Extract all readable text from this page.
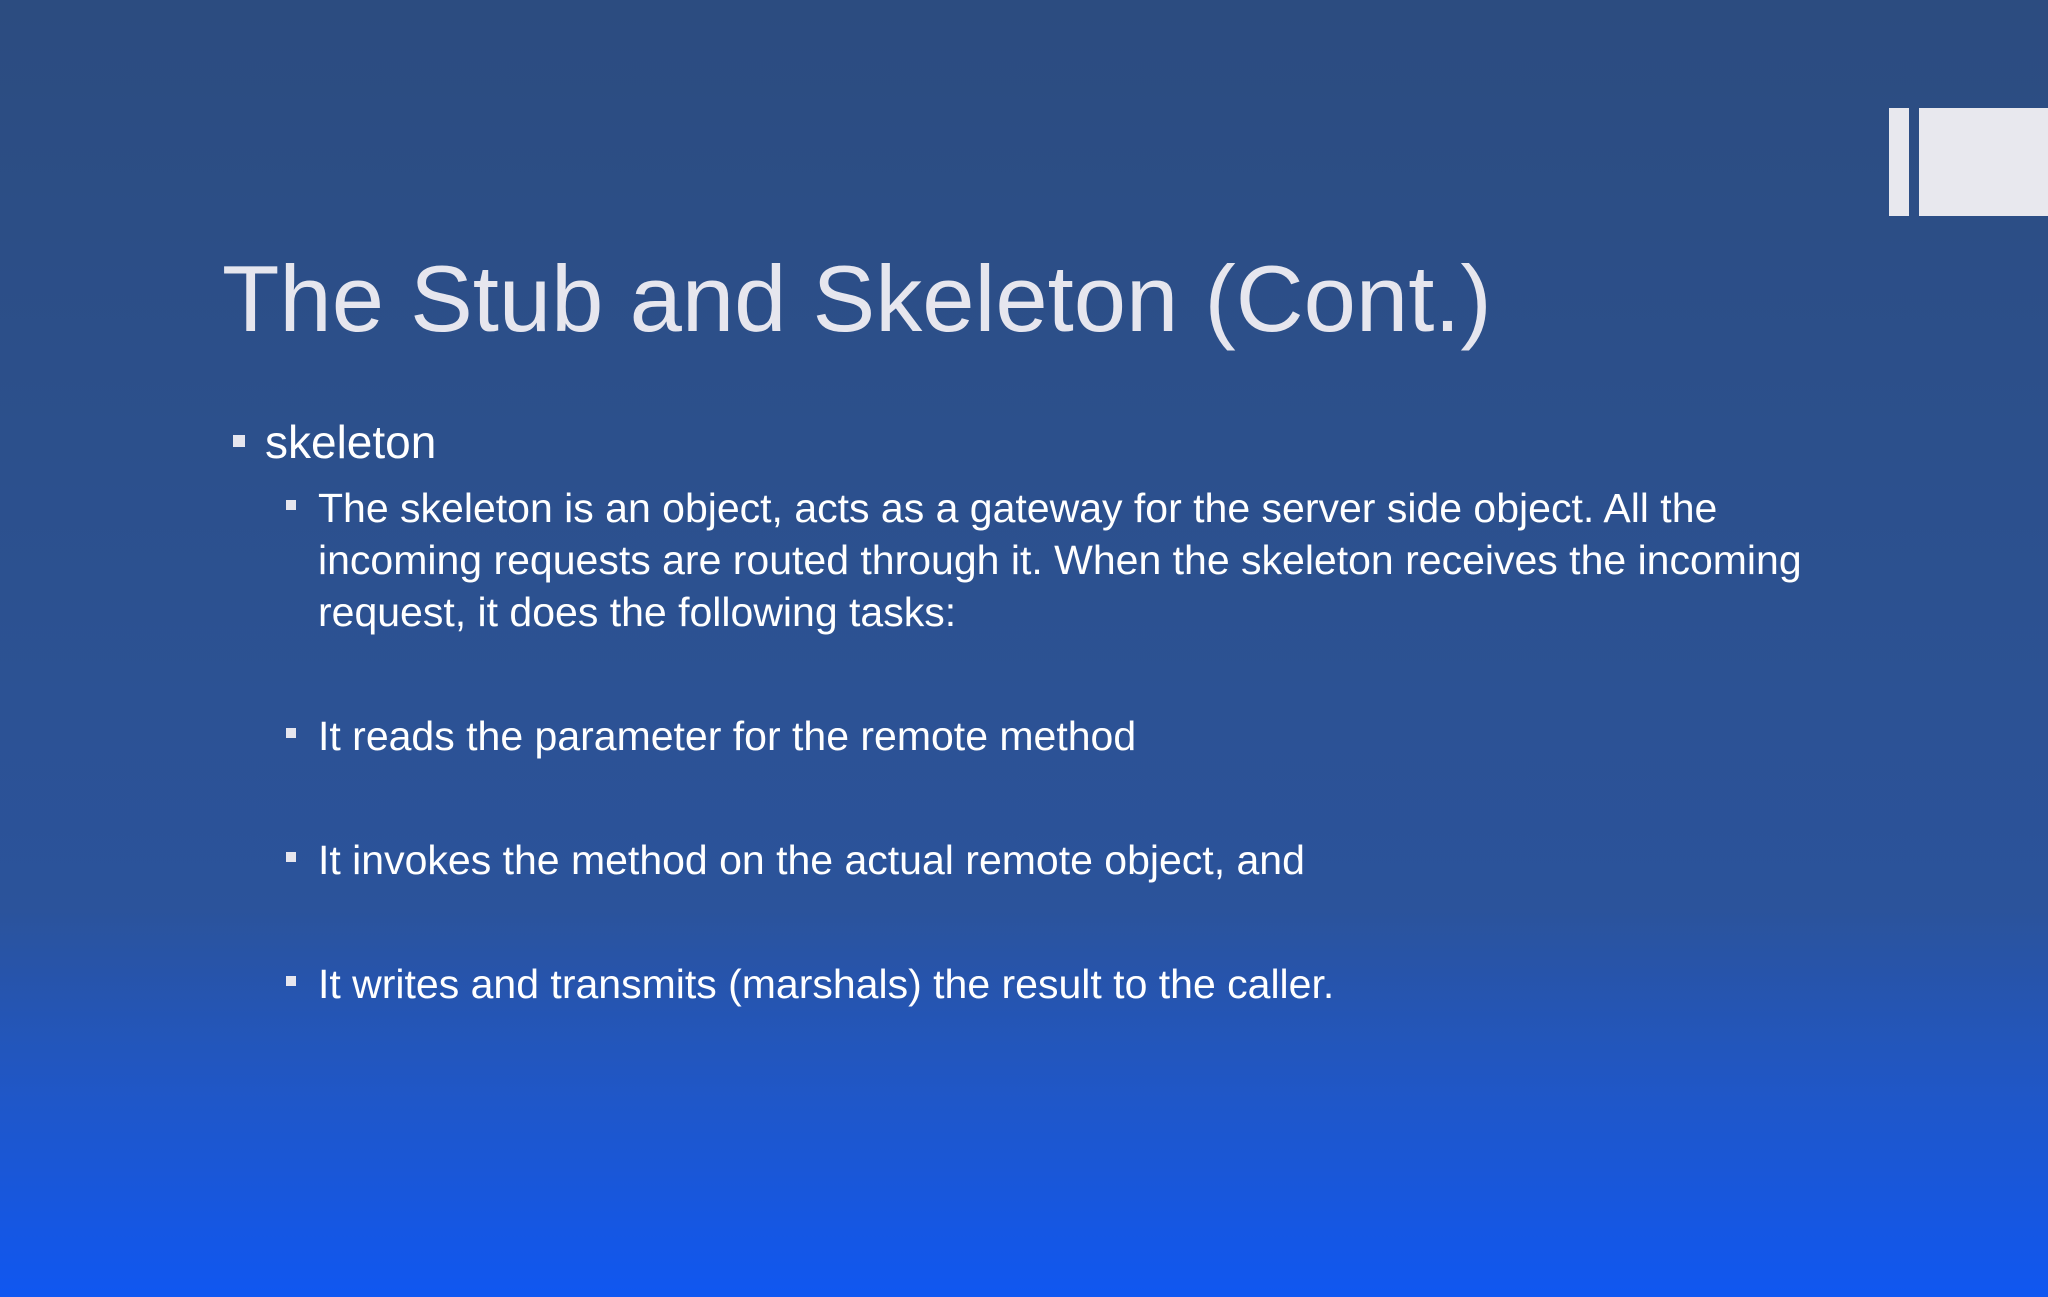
The Stub and Skeleton (Cont.)
skeleton
The skeleton is an object, acts as a gateway for the server side object. All the incoming requests are routed through it. When the skeleton receives the incoming request, it does the following tasks:
It reads the parameter for the remote method
It invokes the method on the actual remote object, and
It writes and transmits (marshals) the result to the caller.
